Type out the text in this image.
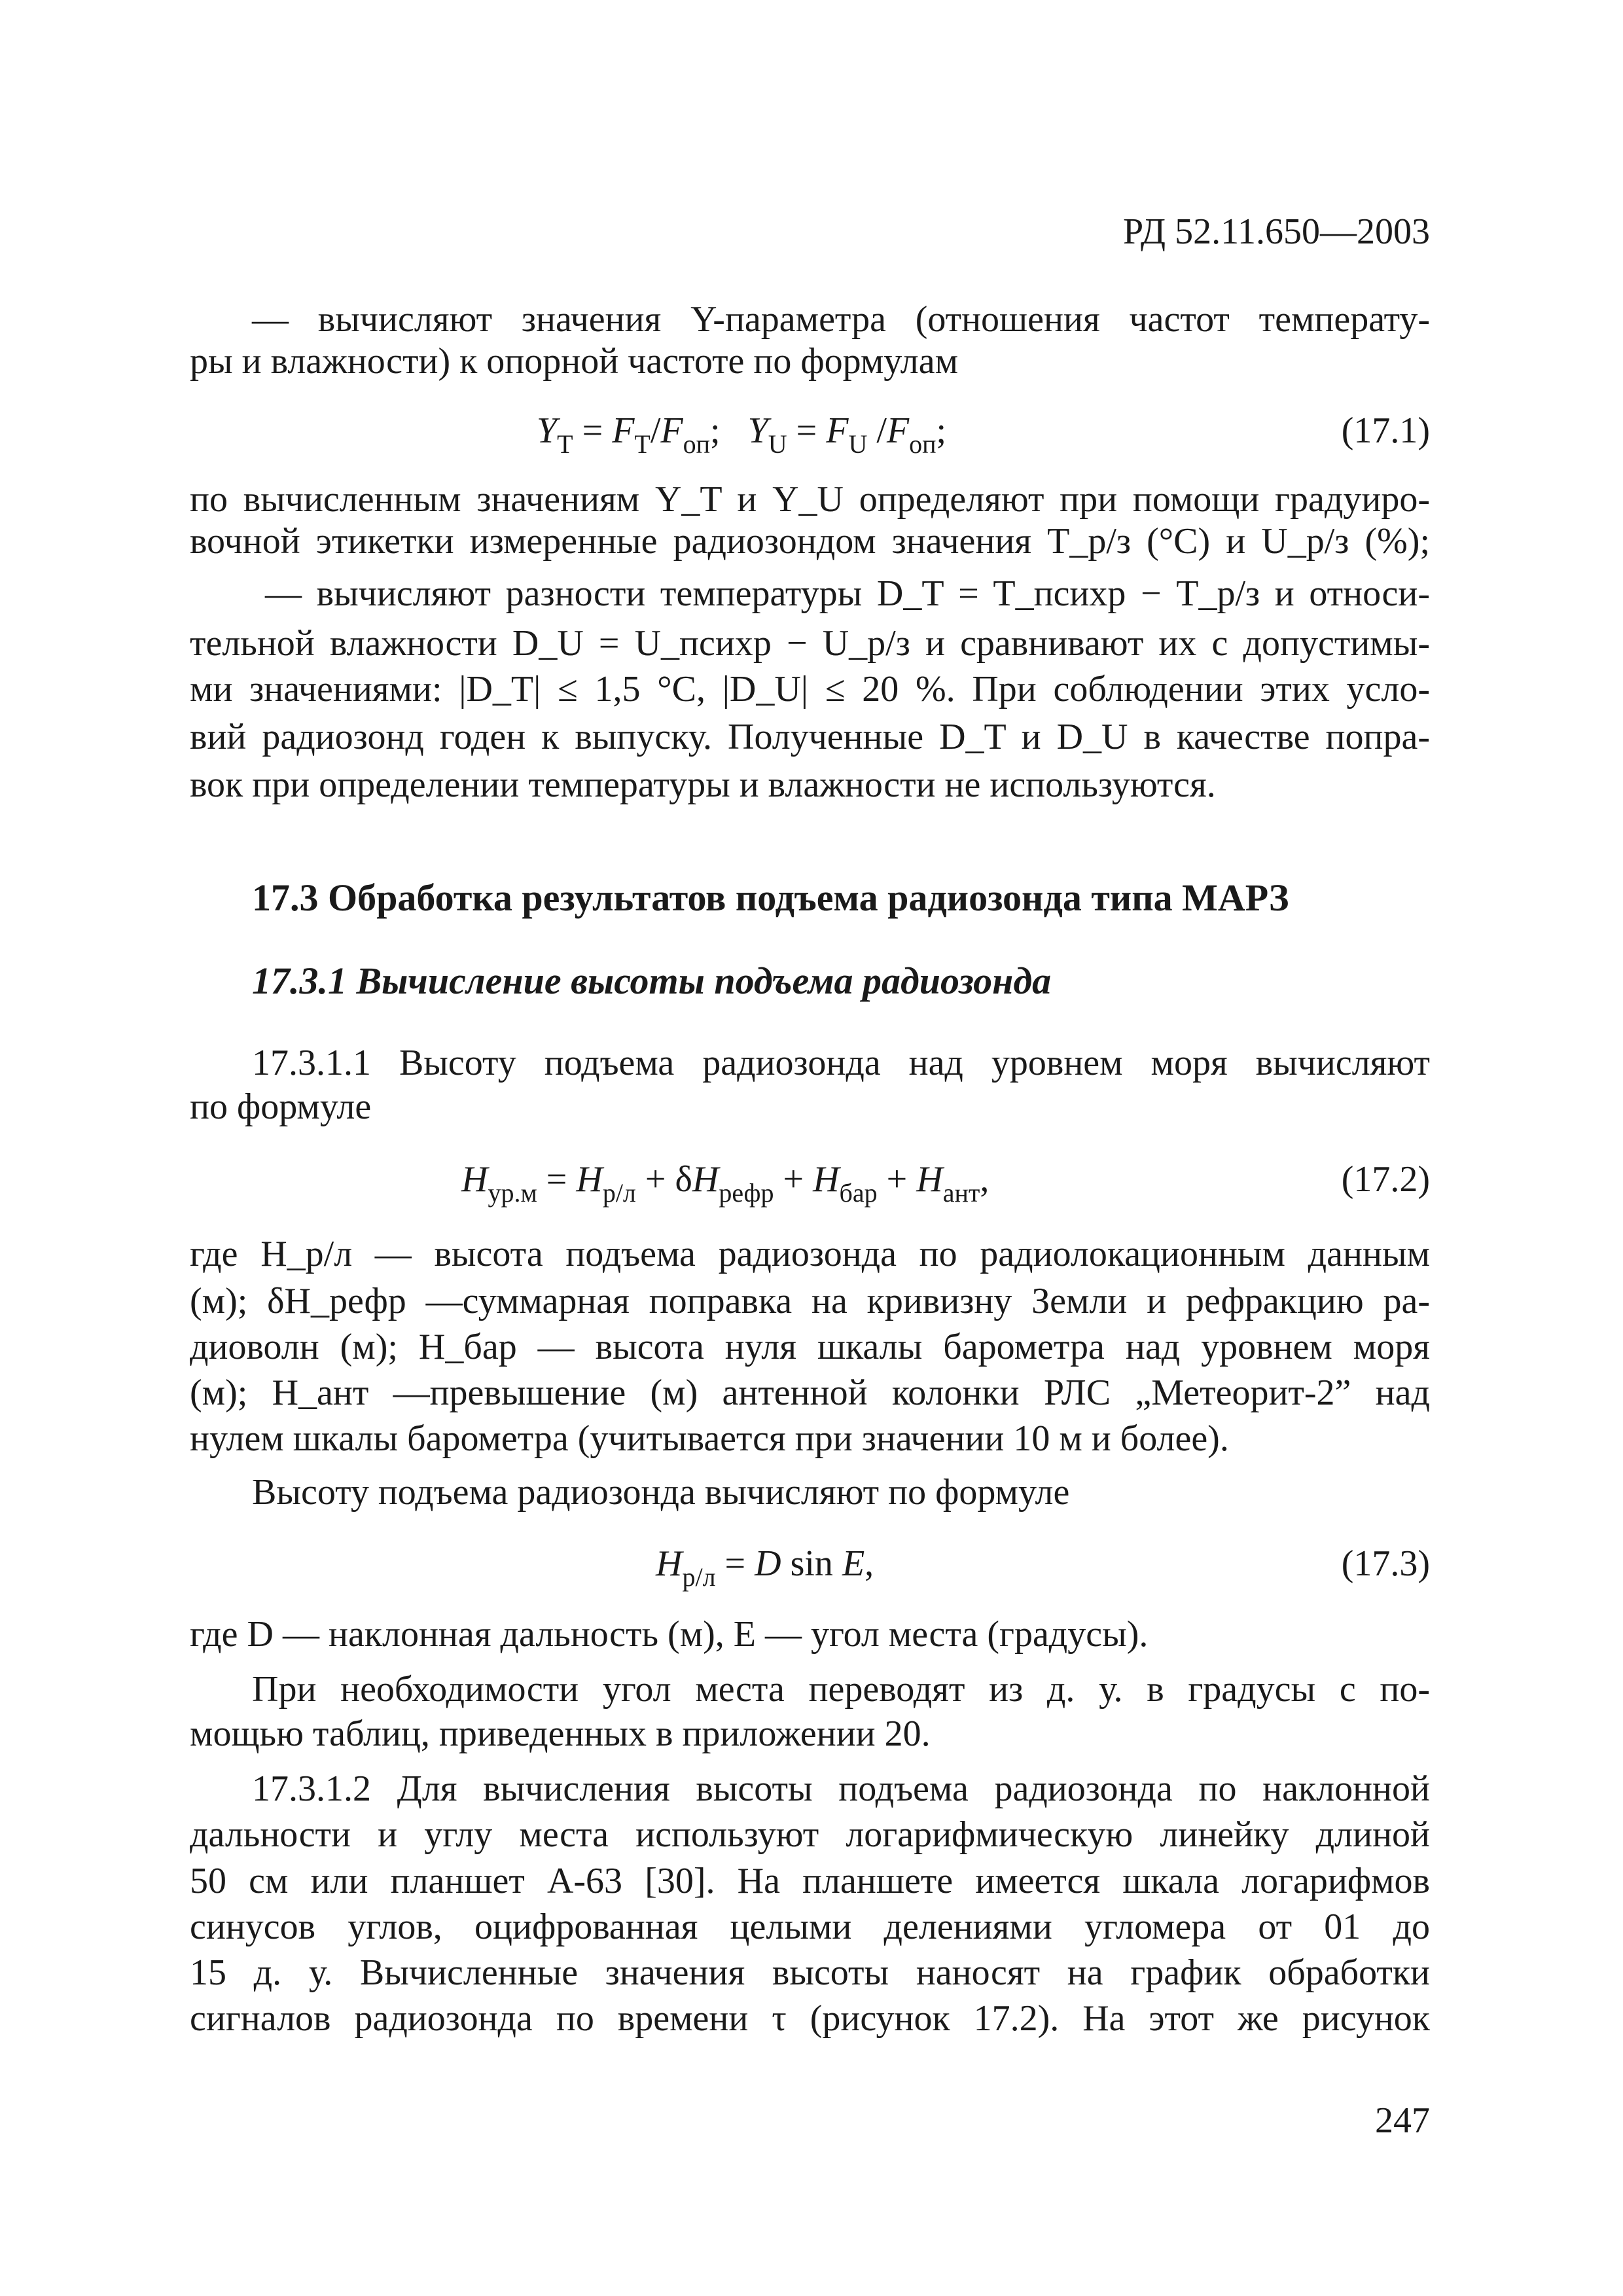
РД 52.11.650—2003
— вычисляют значения Y-параметра (отношения частот температу-
ры и влажности) к опорной частоте по формулам
$Y_T = F_T/F_{оп}$;   $Y_U = F_U$ $/F_{оп}$;	(17.1)
по вычисленным значениям Y_T и Y_U определяют при помощи градуиро-
вочной этикетки измеренные радиозондом значения T_р/з (°С) и U_р/з (%);
— вычисляют разности температуры D_T = T_психр − T_р/з и относи-
тельной влажности D_U = U_психр − U_р/з и сравнивают их с допустимы-
ми значениями: |D_T| ≤ 1,5 °С, |D_U| ≤ 20 %. При соблюдении этих усло-
вий радиозонд годен к выпуску. Полученные D_T и D_U в качестве попра-
вок при определении температуры и влажности не используются.
17.3 Обработка результатов подъема радиозонда типа МАРЗ
17.3.1 Вычисление высоты подъема радиозонда
17.3.1.1 Высоту подъема радиозонда над уровнем моря вычисляют
по формуле
$H_{ур.м} = H_{р/л} + \delta H_{рефр} + H_{бар} + H_{ант}$,	(17.2)
где H_р/л — высота подъема радиозонда по радиолокационным данным
(м); δH_рефр —суммарная поправка на кривизну Земли и рефракцию ра-
диоволн (м); H_бар — высота нуля шкалы барометра над уровнем моря
(м); H_ант —превышение (м) антенной колонки РЛС „Метеорит-2” над
нулем шкалы барометра (учитывается при значении 10 м и более).
Высоту подъема радиозонда вычисляют по формуле
$H_{р/л} = D$ sin E,	(17.3)
где D — наклонная дальность (м), E — угол места (градусы).
При необходимости угол места переводят из д. у. в градусы с по-
мощью таблиц, приведенных в приложении 20.
17.3.1.2 Для вычисления высоты подъема радиозонда по наклонной
дальности и углу места используют логарифмическую линейку длиной
50 см или планшет А-63 [30]. На планшете имеется шкала логарифмов
синусов углов, оцифрованная целыми делениями угломера от 01 до
15 д. у. Вычисленные значения высоты наносят на график обработки
сигналов радиозонда по времени τ (рисунок 17.2). На этот же рисунок
247
